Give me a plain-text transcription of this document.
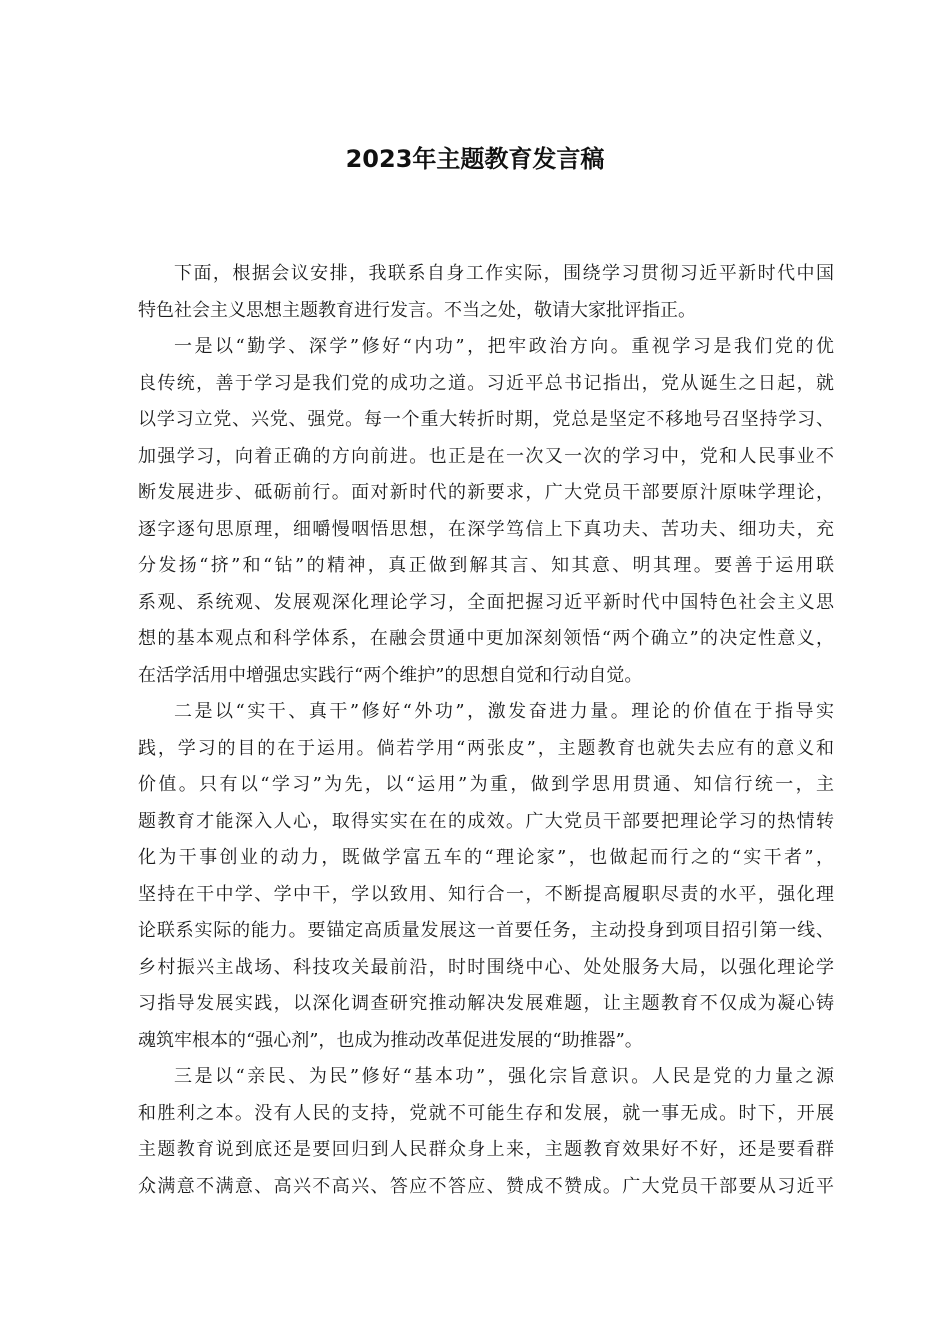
2023年主题教育发言稿
下面，根据会议安排，我联系自身工作实际，围绕学习贯彻习近平新时代中国
特色社会主义思想主题教育进行发言。不当之处，敬请大家批评指正。
一是以“勤学、深学”修好“内功”，把牢政治方向。重视学习是我们党的优
良传统，善于学习是我们党的成功之道。习近平总书记指出，党从诞生之日起，就
以学习立党、兴党、强党。每一个重大转折时期，党总是坚定不移地号召坚持学习、
加强学习，向着正确的方向前进。也正是在一次又一次的学习中，党和人民事业不
断发展进步、砥砺前行。面对新时代的新要求，广大党员干部要原汁原味学理论，
逐字逐句思原理，细嚼慢咽悟思想，在深学笃信上下真功夫、苦功夫、细功夫，充
分发扬“挤”和“钻”的精神，真正做到解其言、知其意、明其理。要善于运用联
系观、系统观、发展观深化理论学习，全面把握习近平新时代中国特色社会主义思
想的基本观点和科学体系，在融会贯通中更加深刻领悟“两个确立”的决定性意义，
在活学活用中增强忠实践行“两个维护”的思想自觉和行动自觉。
二是以“实干、真干”修好“外功”，激发奋进力量。理论的价值在于指导实
践，学习的目的在于运用。倘若学用“两张皮”，主题教育也就失去应有的意义和
价值。只有以“学习”为先，以“运用”为重，做到学思用贯通、知信行统一，主
题教育才能深入人心，取得实实在在的成效。广大党员干部要把理论学习的热情转
化为干事创业的动力，既做学富五车的“理论家”，也做起而行之的“实干者”，
坚持在干中学、学中干，学以致用、知行合一，不断提高履职尽责的水平，强化理
论联系实际的能力。要锚定高质量发展这一首要任务，主动投身到项目招引第一线、
乡村振兴主战场、科技攻关最前沿，时时围绕中心、处处服务大局，以强化理论学
习指导发展实践，以深化调查研究推动解决发展难题，让主题教育不仅成为凝心铸
魂筑牢根本的“强心剂”，也成为推动改革促进发展的“助推器”。
三是以“亲民、为民”修好“基本功”，强化宗旨意识。人民是党的力量之源
和胜利之本。没有人民的支持，党就不可能生存和发展，就一事无成。时下，开展
主题教育说到底还是要回归到人民群众身上来，主题教育效果好不好，还是要看群
众满意不满意、高兴不高兴、答应不答应、赞成不赞成。广大党员干部要从习近平
